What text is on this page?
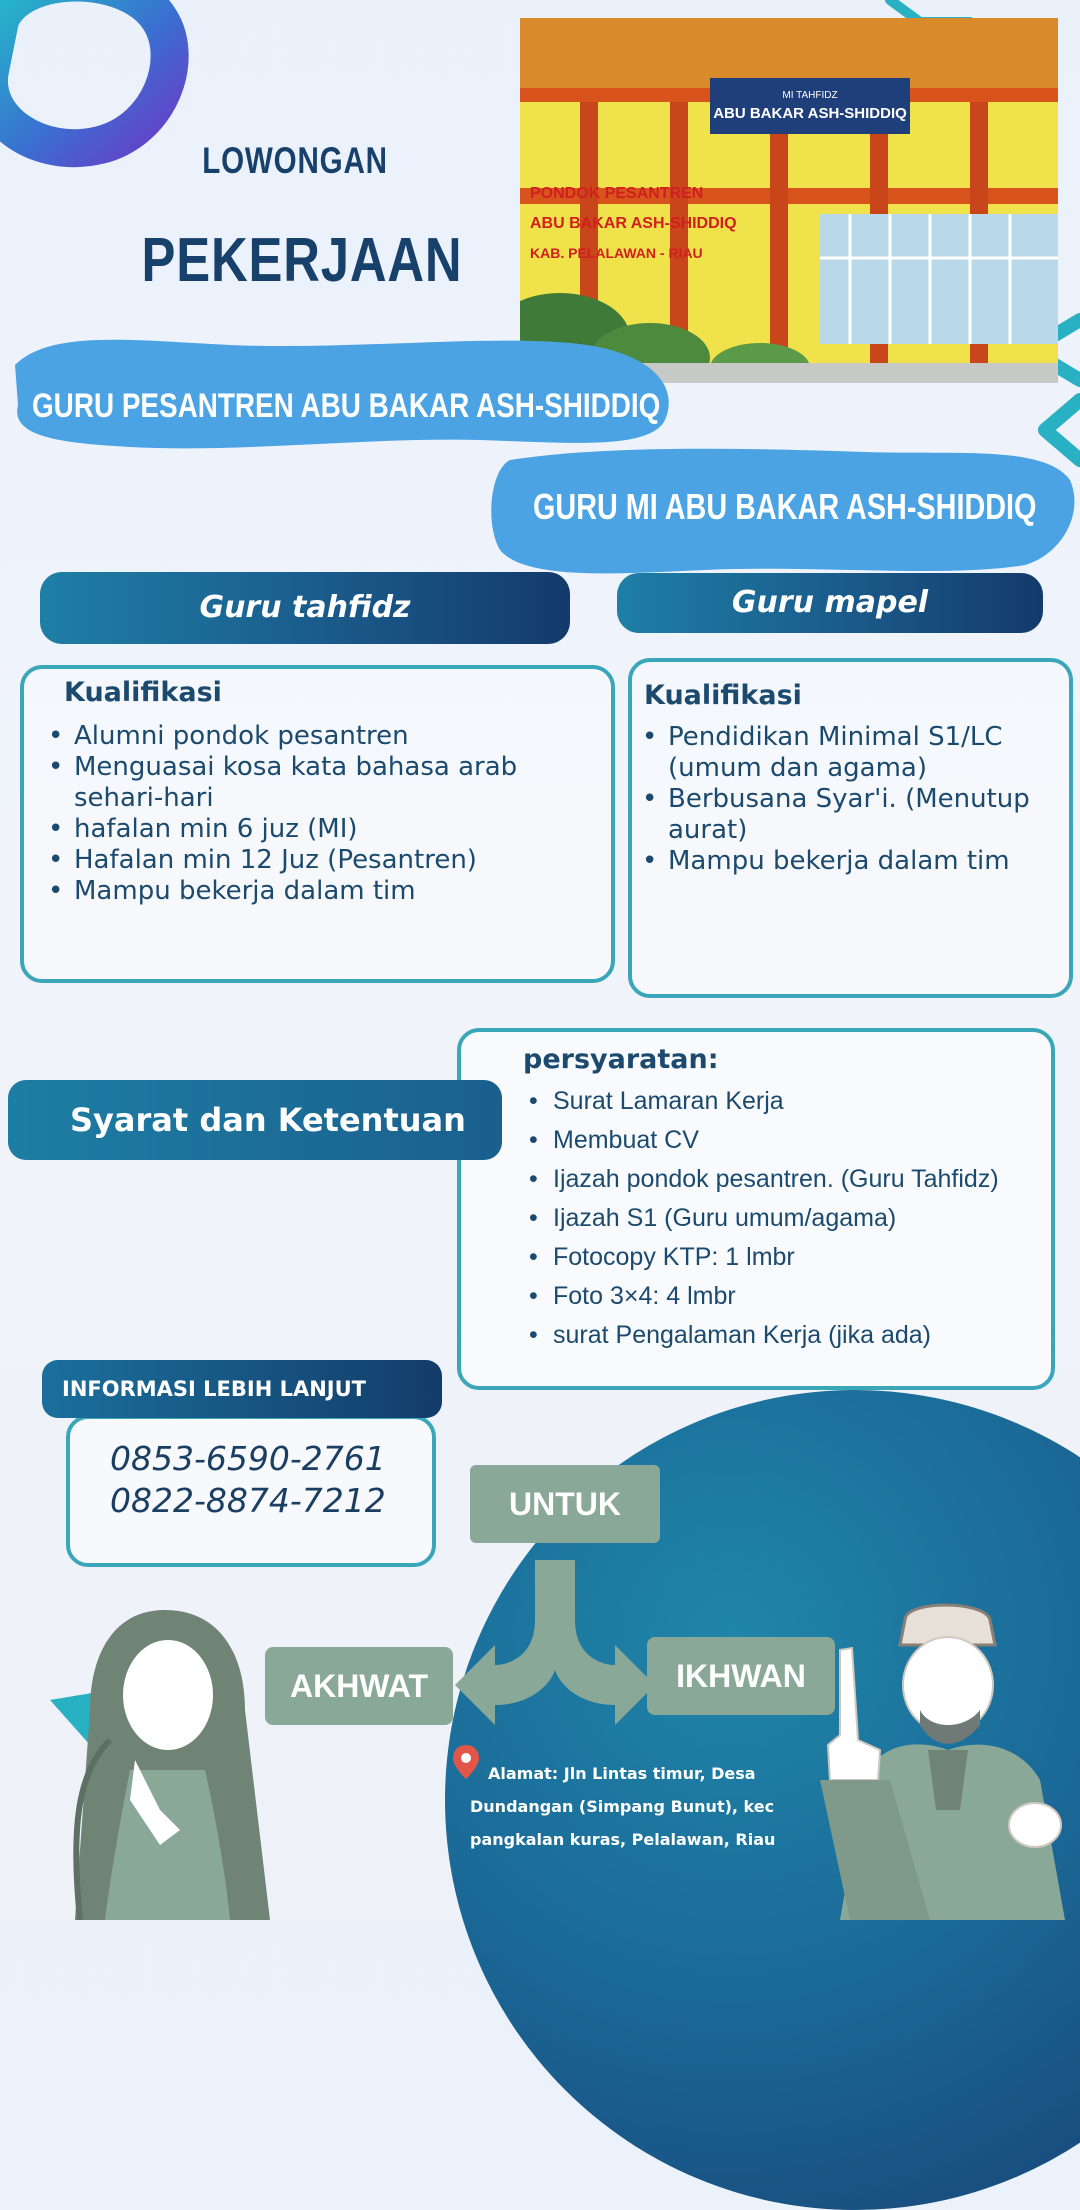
LOWONGAN
PEKERJAAN
MI TAHFIDZ
ABU BAKAR ASH-SHIDDIQ
PONDOK PESANTREN
ABU BAKAR ASH-SHIDDIQ
KAB. PELALAWAN - RIAU
GURU PESANTREN ABU BAKAR ASH-SHIDDIQ
GURU MI ABU BAKAR ASH-SHIDDIQ
Guru tahfidz
Kualifikasi
• Alumni pondok pesantren
• Menguasai kosa kata bahasa arab sehari-hari
• hafalan min 6 juz (MI)
• Hafalan min 12 Juz (Pesantren)
• Mampu bekerja dalam tim
Guru mapel
Kualifikasi
• Pendidikan Minimal S1/LC (umum dan agama)
• Berbusana Syar'i. (Menutup aurat)
• Mampu bekerja dalam tim
persyaratan:
• Surat Lamaran Kerja
• Membuat CV
• Ijazah pondok pesantren. (Guru Tahfidz)
• Ijazah S1 (Guru umum/agama)
• Fotocopy KTP: 1 lmbr
• Foto 3×4: 4 lmbr
• surat Pengalaman Kerja (jika ada)
Syarat dan Ketentuan
0853-6590-2761
0822-8874-7212
INFORMASI LEBIH LANJUT
UNTUK
AKHWAT	IKHWAN
Alamat: Jln Lintas timur, Desa
Dundangan (Simpang Bunut), kec
pangkalan kuras, Pelalawan, Riau
